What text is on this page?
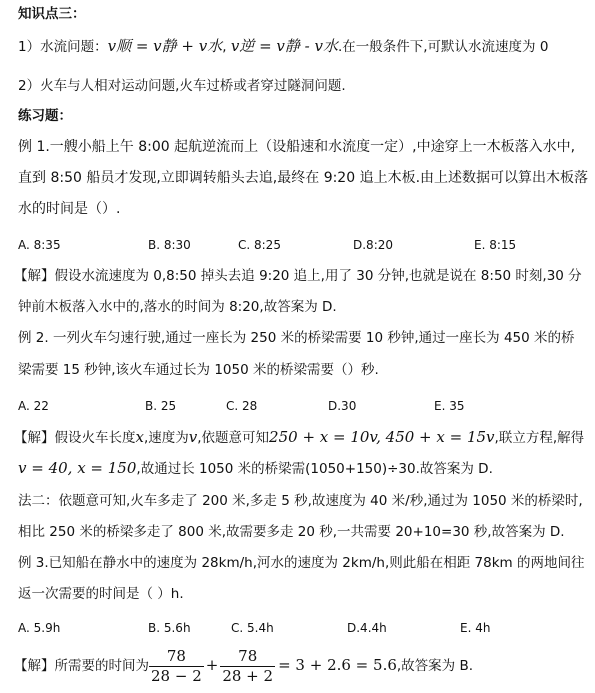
知识点三：
1）水流问题：v顺 = v静 + v水, v逆 = v静 - v水.在一般条件下,可默认水流速度为 0
2）火车与人相对运动问题,火车过桥或者穿过隧洞问题.
练习题：
例 1.一艘小船上午 8:00 起航逆流而上（设船速和水流度一定）,中途穿上一木板落入水中,
直到 8:50 船员才发现,立即调转船头去追,最终在 9:20 追上木板.由上述数据可以算出木板落
水的时间是（）.
A. 8:35	B. 8:30	C. 8:25	D.8:20	E. 8:15
【解】假设水流速度为 0,8:50 掉头去追 9:20 追上,用了 30 分钟,也就是说在 8:50 时刻,30 分
钟前木板落入水中的,落水的时间为 8:20,故答案为 D.
例 2. 一列火车匀速行驶,通过一座长为 250 米的桥梁需要 10 秒钟,通过一座长为 450 米的桥
梁需要 15 秒钟,该火车通过长为 1050 米的桥梁需要（）秒.
A. 22	B. 25	C. 28	D.30	E. 35
【解】假设火车长度x,速度为v,依题意可知250 + x = 10v, 450 + x = 15v,联立方程,解得
v = 40, x = 150,故通过长 1050 米的桥梁需(1050+150)÷30.故答案为 D.
法二：依题意可知,火车多走了 200 米,多走 5 秒,故速度为 40 米/秒,通过为 1050 米的桥梁时,
相比 250 米的桥梁多走了 800 米,故需要多走 20 秒,一共需要 20+10=30 秒,故答案为 D.
例 3.已知船在静水中的速度为 28km/h,河水的速度为 2km/h,则此船在相距 78km 的两地间往
返一次需要的时间是（ ）h.
A. 5.9h	B. 5.6h	C. 5.4h	D.4.4h	E. 4h
【解】所需要的时间为 $\frac{78}{28 - 2} + \frac{78}{28 + 2} = 3 + 2.6 = 5.6$,故答案为 B.
